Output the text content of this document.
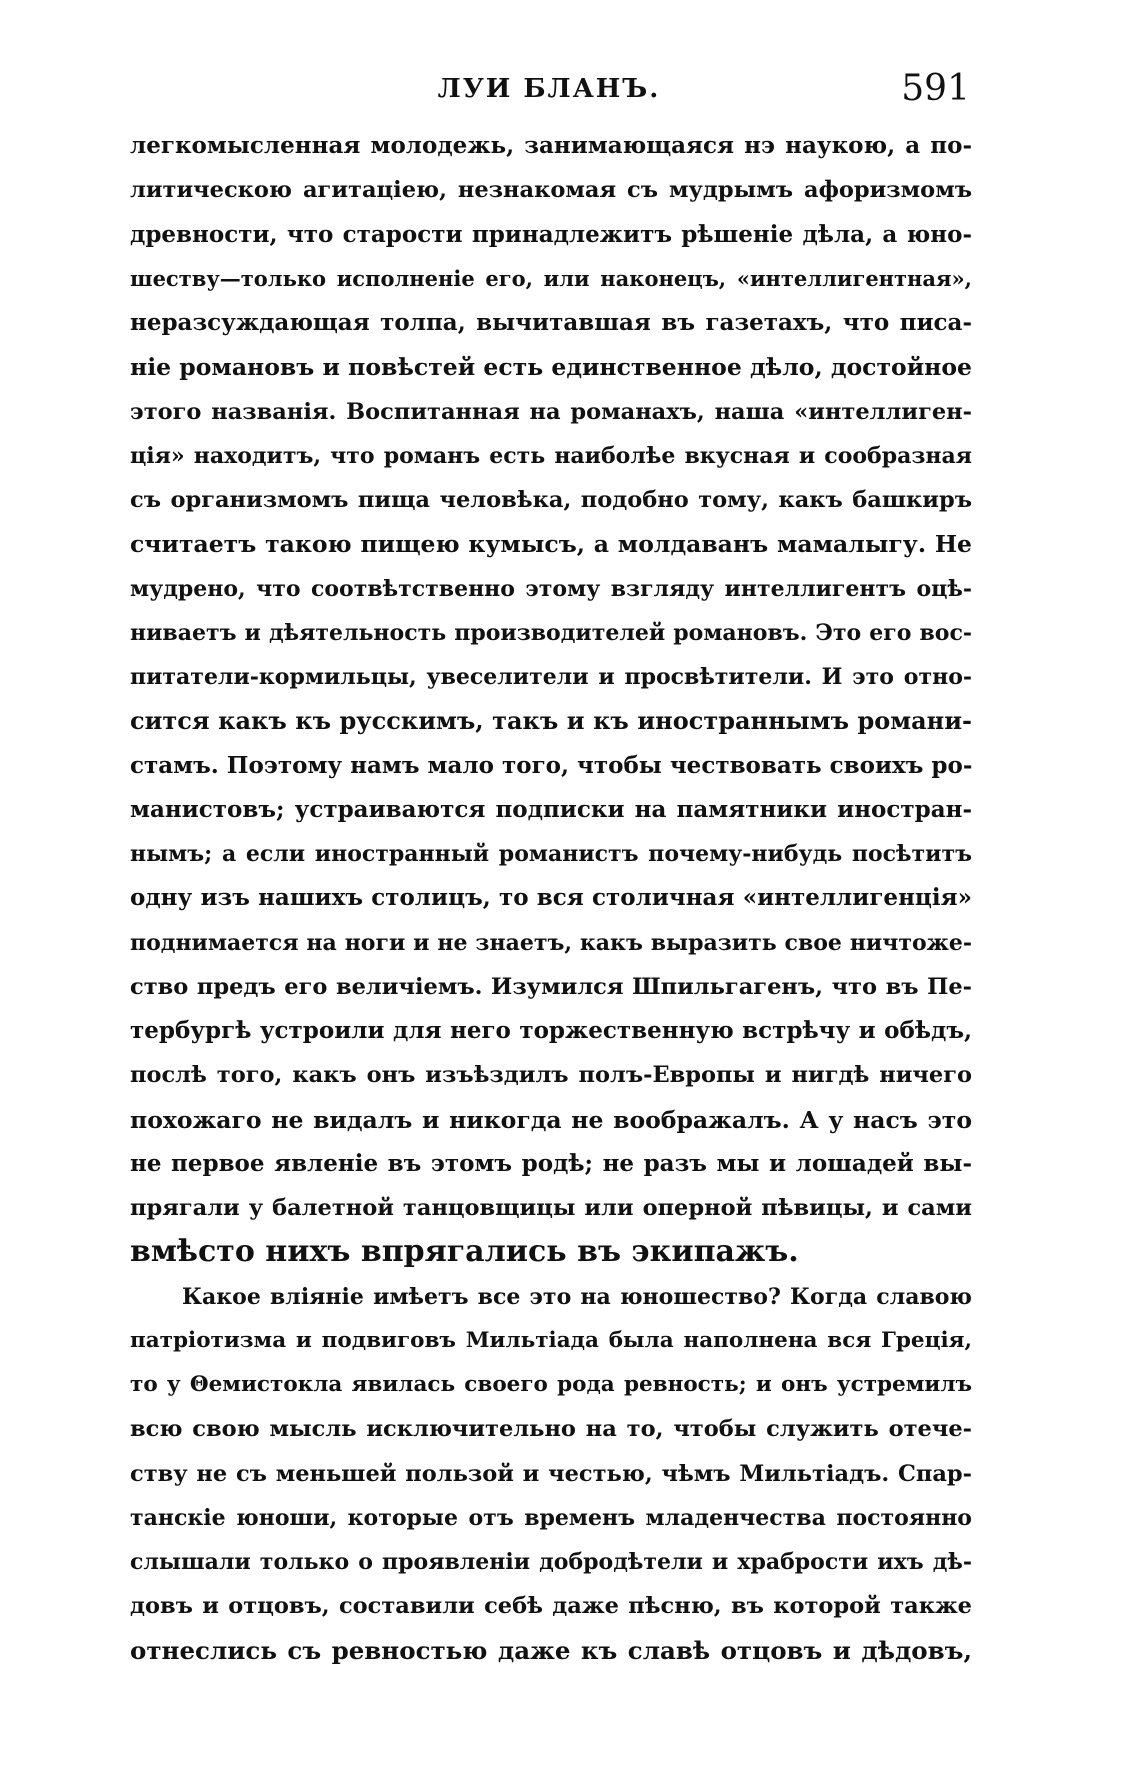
ЛУИ БЛАНЪ.	591
легкомысленная молодежь, занимающаяся нэ наукою, а по-
литическою агитаціею, незнакомая съ мудрымъ афоризмомъ
древности, что старости принадлежитъ рѣшеніе дѣла, а юно-
шеству—только исполненіе его, или наконецъ, «интеллигентная»,
неразсуждающая толпа, вычитавшая въ газетахъ, что писа-
ніе романовъ и повѣстей есть единственное дѣло, достойное
этого названія. Воспитанная на романахъ, наша «интеллиген-
ція» находитъ, что романъ есть наиболѣе вкусная и сообразная
съ организмомъ пища человѣка, подобно тому, какъ башкиръ
считаетъ такою пищею кумысъ, а молдаванъ мамалыгу. Не
мудрено, что соотвѣтственно этому взгляду интеллигентъ оцѣ-
ниваетъ и дѣятельность производителей романовъ. Это его вос-
питатели-кормильцы, увеселители и просвѣтители. И это отно-
сится какъ къ русскимъ, такъ и къ иностраннымъ романи-
стамъ. Поэтому намъ мало того, чтобы чествовать своихъ ро-
манистовъ; устраиваются подписки на памятники иностран-
нымъ; а если иностранный романистъ почему-нибудь посѣтитъ
одну изъ нашихъ столицъ, то вся столичная «интеллигенція»
поднимается на ноги и не знаетъ, какъ выразить свое ничтоже-
ство предъ его величіемъ. Изумился Шпильгагенъ, что въ Пе-
тербургѣ устроили для него торжественную встрѣчу и обѣдъ,
послѣ того, какъ онъ изъѣздилъ полъ-Европы и нигдѣ ничего
похожаго не видалъ и никогда не воображалъ. А у насъ это
не первое явленіе въ этомъ родѣ; не разъ мы и лошадей вы-
прягали у балетной танцовщицы или оперной пѣвицы, и сами
вмѣсто нихъ впрягались въ экипажъ.
Какое вліяніе имѣетъ все это на юношество? Когда славою
патріотизма и подвиговъ Мильтіада была наполнена вся Греція,
то у Θемистокла явилась своего рода ревность; и онъ устремилъ
всю свою мысль исключительно на то, чтобы служить отече-
ству не съ меньшей пользой и честью, чѣмъ Мильтіадъ. Спар-
танскіе юноши, которые отъ временъ младенчества постоянно
слышали только о проявленіи добродѣтели и храбрости ихъ дѣ-
довъ и отцовъ, составили себѣ даже пѣсню, въ которой также
отнеслись съ ревностью даже къ славѣ отцовъ и дѣдовъ,
